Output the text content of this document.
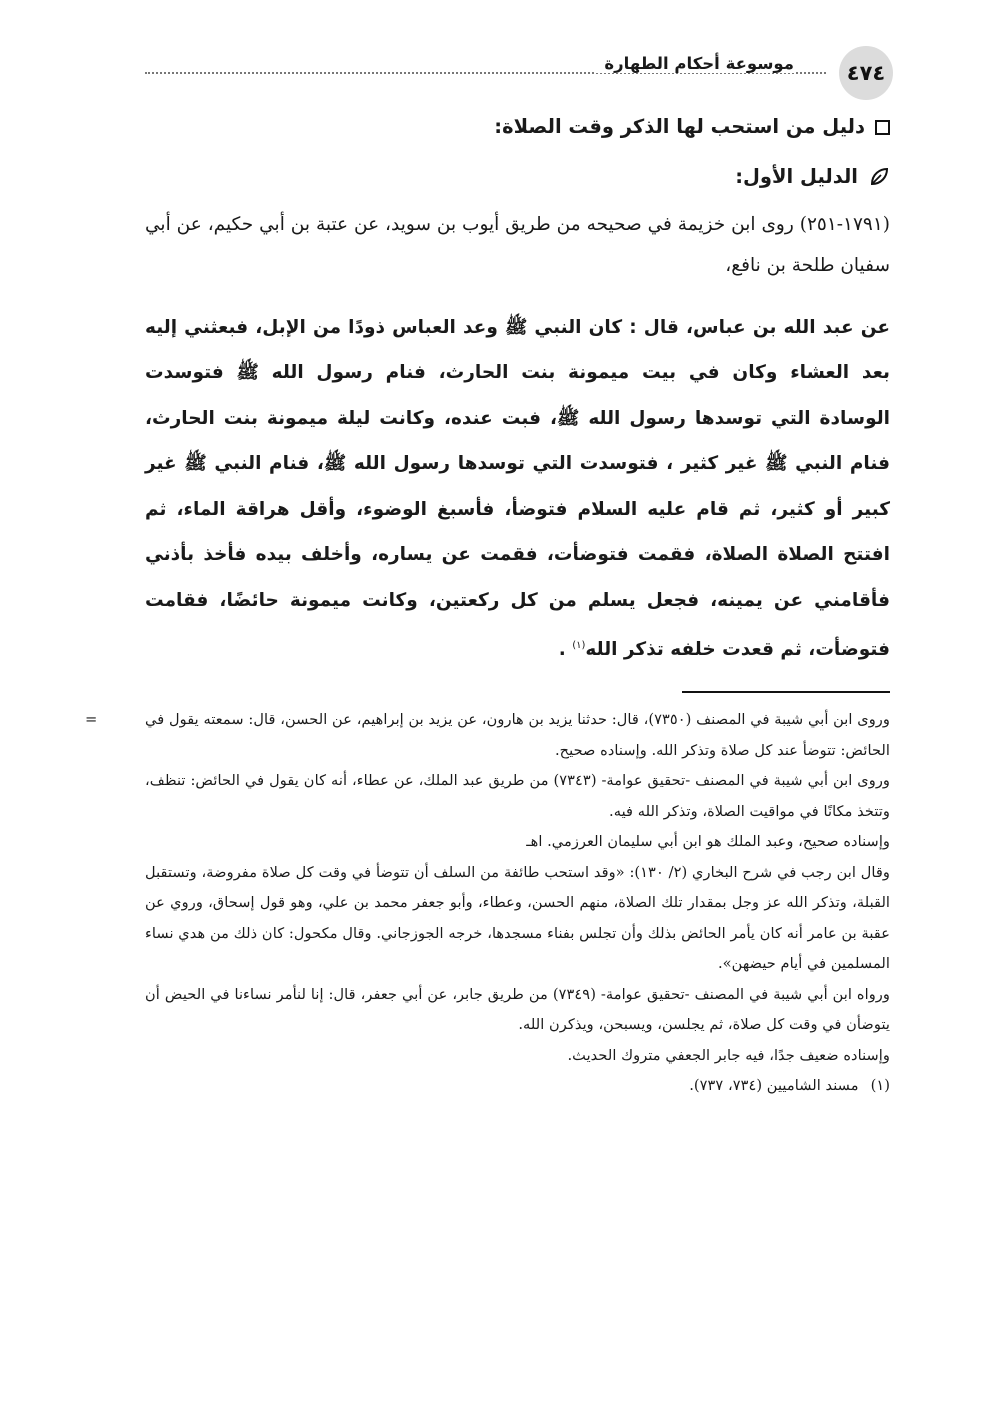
٤٧٤
موسوعة أحكام الطهارة
دليل من استحب لها الذكر وقت الصلاة:
الدليل الأول:

(١٧٩١-٢٥١) روى ابن خزيمة في صحيحه من طريق أيوب بن سويد، عن عتبة بن أبي حكيم، عن أبي سفيان طلحة بن نافع،

عن عبد الله بن عباس، قال : كان النبي ﷺ وعد العباس ذودًا من الإبل، فبعثني إليه بعد العشاء وكان في بيت ميمونة بنت الحارث، فنام رسول الله ﷺ فتوسدت الوسادة التي توسدها رسول الله ﷺ، فبت عنده، وكانت ليلة ميمونة بنت الحارث، فنام النبي ﷺ غير كثير ، فتوسدت التي توسدها رسول الله ﷺ، فنام النبي ﷺ غير كبير أو كثير، ثم قام عليه السلام فتوضأ، فأسبغ الوضوء، وأقل هراقة الماء، ثم افتتح الصلاة الصلاة، فقمت فتوضأت، فقمت عن يساره، وأخلف بيده فأخذ بأذني فأقامني عن يمينه، فجعل يسلم من كل ركعتين، وكانت ميمونة حائضًا، فقامت فتوضأت، ثم قعدت خلفه تذكر الله$^{(١)}$ .

=	وروى ابن أبي شيبة في المصنف (٧٣٥٠)، قال: حدثنا يزيد بن هارون، عن يزيد بن إبراهيم، عن الحسن، قال: سمعته يقول في الحائض: تتوضأ عند كل صلاة وتذكر الله. وإسناده صحيح.

وروى ابن أبي شيبة في المصنف -تحقيق عوامة- (٧٣٤٣) من طريق عبد الملك، عن عطاء، أنه كان يقول في الحائض: تنظف، وتتخذ مكانًا في مواقيت الصلاة، وتذكر الله فيه.

وإسناده صحيح، وعبد الملك هو ابن أبي سليمان العرزمي. اهـ

وقال ابن رجب في شرح البخاري (٢/ ١٣٠): «وقد استحب طائفة من السلف أن تتوضأ في وقت كل صلاة مفروضة، وتستقبل القبلة، وتذكر الله عز وجل بمقدار تلك الصلاة، منهم الحسن، وعطاء، وأبو جعفر محمد بن علي، وهو قول إسحاق، وروي عن عقبة بن عامر أنه كان يأمر الحائض بذلك وأن تجلس بفناء مسجدها، خرجه الجوزجاني. وقال مكحول: كان ذلك من هدي نساء المسلمين في أيام حيضهن».

ورواه ابن أبي شيبة في المصنف -تحقيق عوامة- (٧٣٤٩) من طريق جابر، عن أبي جعفر، قال: إنا لنأمر نساءنا في الحيض أن يتوضأن في وقت كل صلاة، ثم يجلسن، ويسبحن، ويذكرن الله.

وإسناده ضعيف جدًا، فيه جابر الجعفي متروك الحديث.

(١)
مسند الشاميين (٧٣٤، ٧٣٧).
